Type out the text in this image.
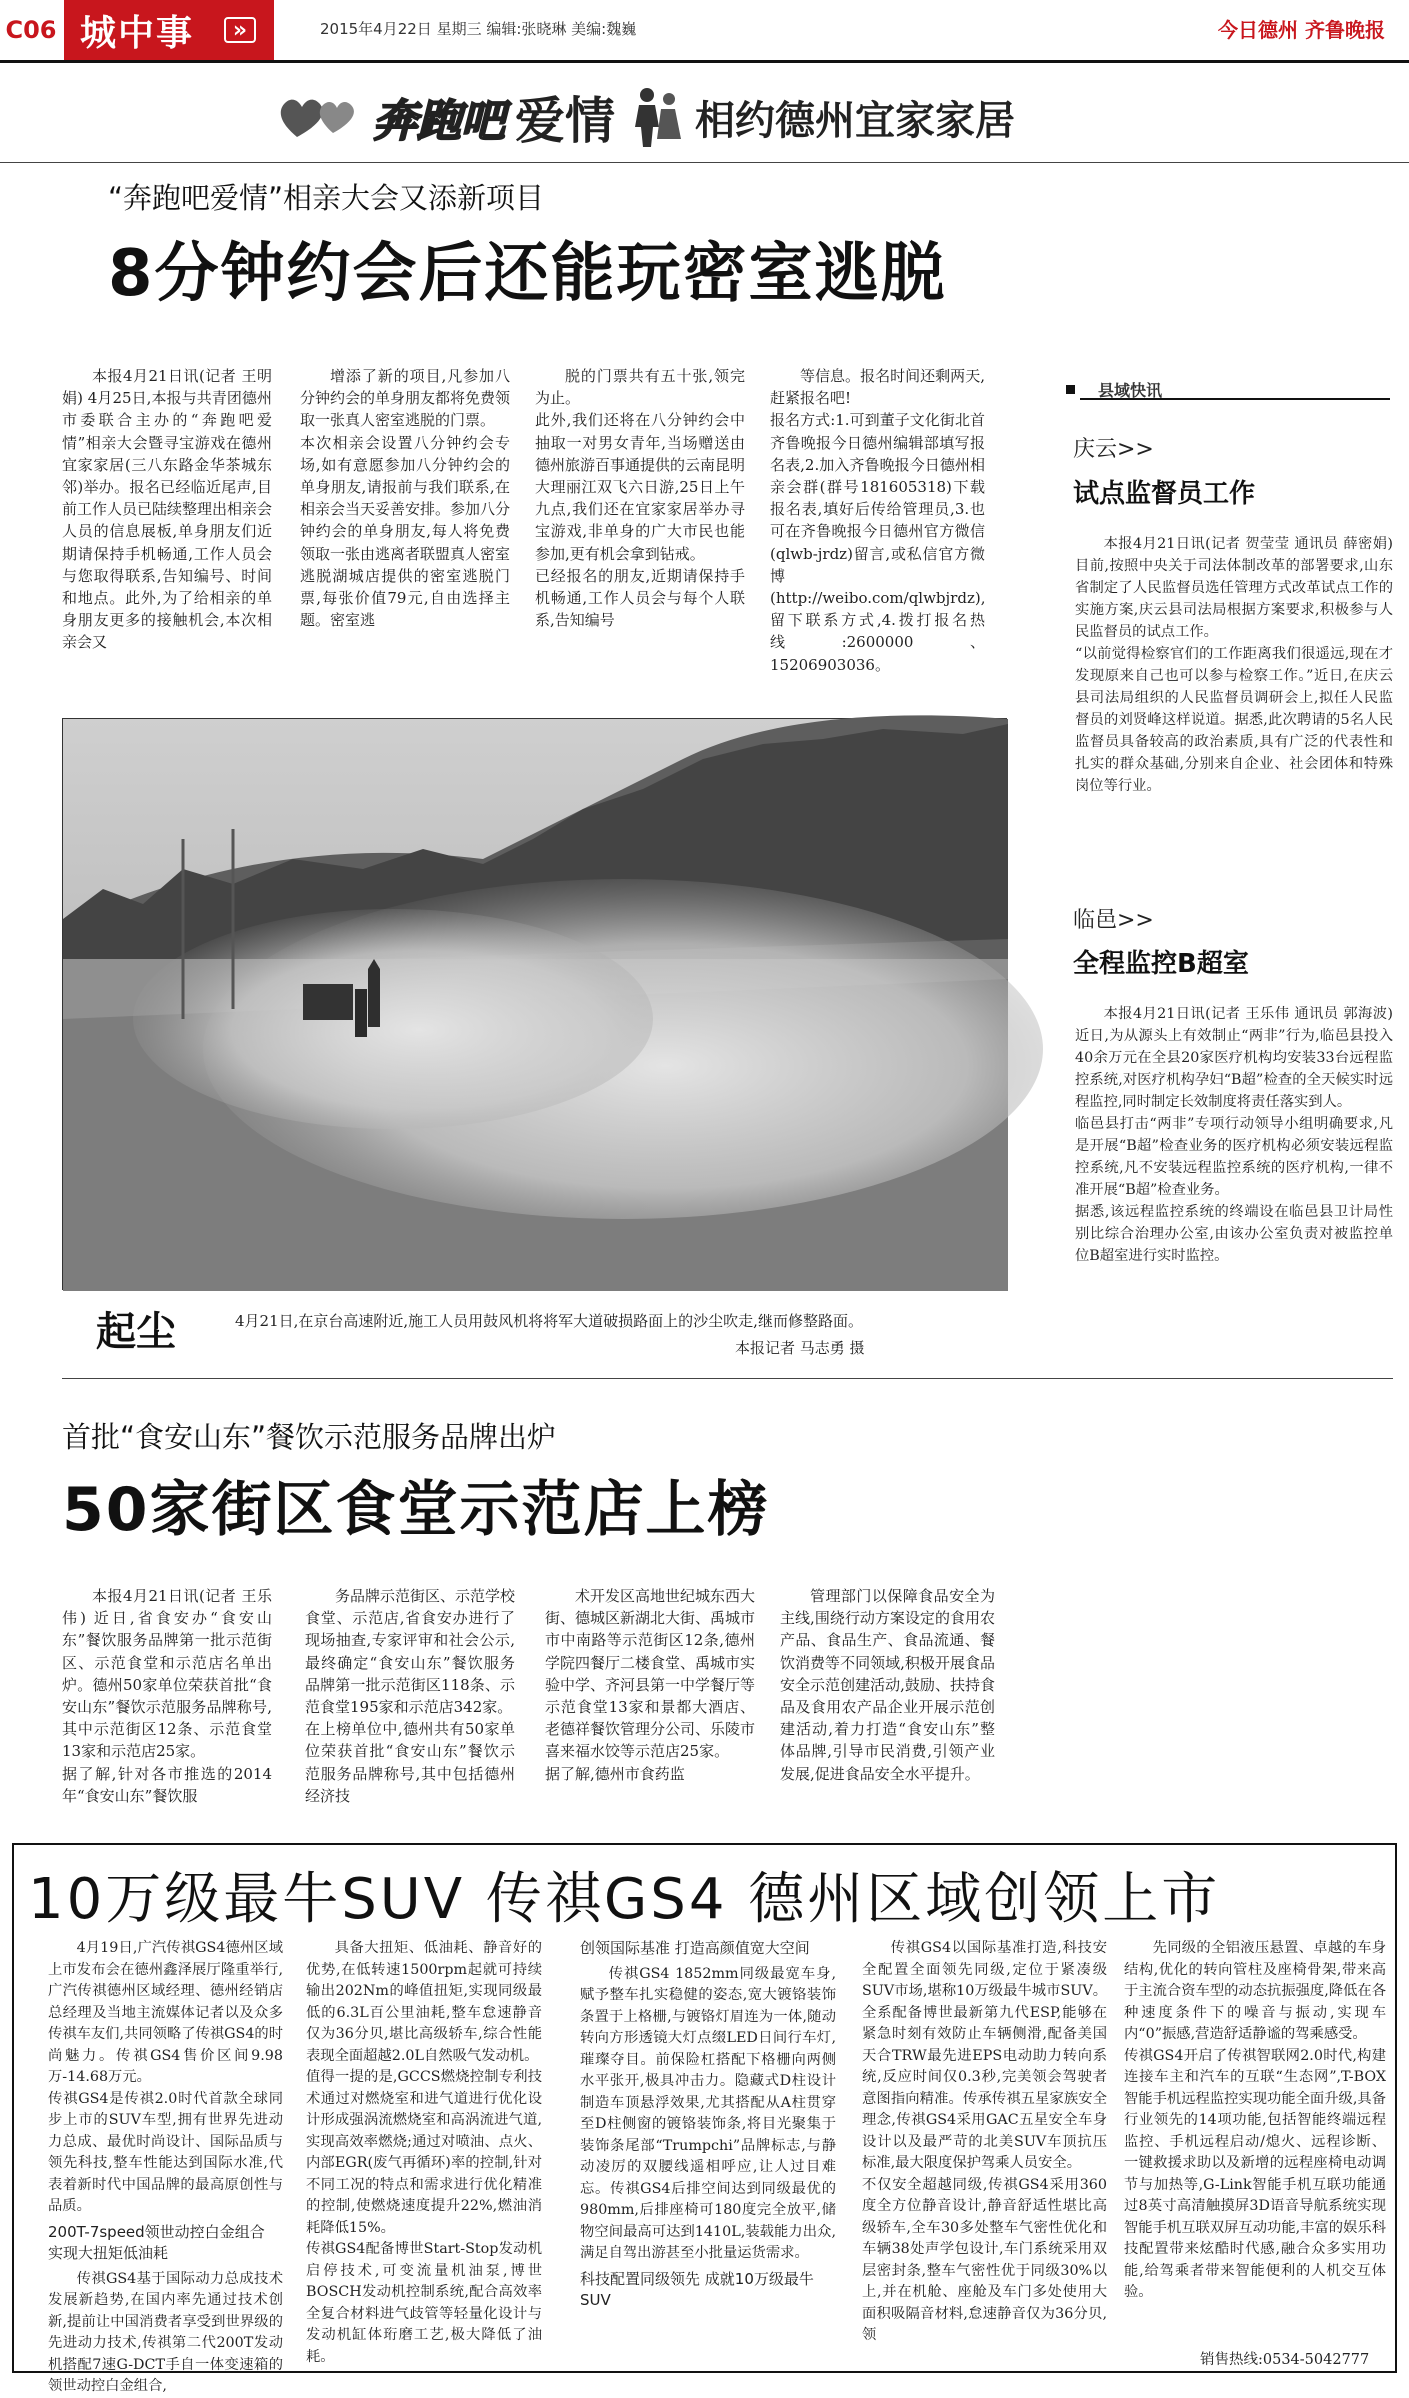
C06 城中事	»	2015年4月22日 星期三 编辑:张晓琳 美编:魏巍	今日德州 齐鲁晚报
奔跑吧 爱情 相约德州宜家家居
“奔跑吧爱情”相亲大会又添新项目
8分钟约会后还能玩密室逃脱

本报4月21日讯(记者 王明娟) 4月25日,本报与共青团德州市委联合主办的“奔跑吧爱情”相亲大会暨寻宝游戏在德州宜家家居(三八东路金华茶城东邻)举办。报名已经临近尾声,目前工作人员已陆续整理出相亲会人员的信息展板,单身朋友们近期请保持手机畅通,工作人员会与您取得联系,告知编号、时间和地点。此外,为了给相亲的单身朋友更多的接触机会,本次相亲会又

增添了新的项目,凡参加八分钟约会的单身朋友都将免费领取一张真人密室逃脱的门票。
本次相亲会设置八分钟约会专场,如有意愿参加八分钟约会的单身朋友,请报前与我们联系,在相亲会当天妥善安排。参加八分钟约会的单身朋友,每人将免费领取一张由逃离者联盟真人密室逃脱湖城店提供的密室逃脱门票,每张价值79元,自由选择主题。密室逃

脱的门票共有五十张,领完为止。
此外,我们还将在八分钟约会中抽取一对男女青年,当场赠送由德州旅游百事通提供的云南昆明大理丽江双飞六日游,25日上午九点,我们还在宜家家居举办寻宝游戏,非单身的广大市民也能参加,更有机会拿到钻戒。
已经报名的朋友,近期请保持手机畅通,工作人员会与每个人联系,告知编号

等信息。报名时间还剩两天,赶紧报名吧!
报名方式:1.可到董子文化街北首齐鲁晚报今日德州编辑部填写报名表,2.加入齐鲁晚报今日德州相亲会群(群号181605318)下载报名表,填好后传给管理员,3.也可在齐鲁晚报今日德州官方微信(qlwb-jrdz)留言,或私信官方微博(http://weibo.com/qlwbjrdz),留下联系方式,4.拨打报名热线:2600000、15206903036。

起尘	4月21日,在京台高速附近,施工人员用鼓风机将将军大道破损路面上的沙尘吹走,继而修整路面。
本报记者 马志勇 摄
县域快讯
庆云>>
试点监督员工作

本报4月21日讯(记者 贺莹莹 通讯员 薛密娟) 目前,按照中央关于司法体制改革的部署要求,山东省制定了人民监督员选任管理方式改革试点工作的实施方案,庆云县司法局根据方案要求,积极参与人民监督员的试点工作。
“以前觉得检察官们的工作距离我们很遥远,现在才发现原来自己也可以参与检察工作。”近日,在庆云县司法局组织的人民监督员调研会上,拟任人民监督员的刘贤峰这样说道。据悉,此次聘请的5名人民监督员具备较高的政治素质,具有广泛的代表性和扎实的群众基础,分别来自企业、社会团体和特殊岗位等行业。

临邑>>
全程监控B超室

本报4月21日讯(记者 王乐伟 通讯员 郭海波) 近日,为从源头上有效制止“两非”行为,临邑县投入40余万元在全县20家医疗机构均安装33台远程监控系统,对医疗机构孕妇“B超”检查的全天候实时远程监控,同时制定长效制度将责任落实到人。
临邑县打击“两非”专项行动领导小组明确要求,凡是开展“B超”检查业务的医疗机构必须安装远程监控系统,凡不安装远程监控系统的医疗机构,一律不准开展“B超”检查业务。
据悉,该远程监控系统的终端设在临邑县卫计局性别比综合治理办公室,由该办公室负责对被监控单位B超室进行实时监控。

首批“食安山东”餐饮示范服务品牌出炉
50家街区食堂示范店上榜

本报4月21日讯(记者 王乐伟) 近日,省食安办“食安山东”餐饮服务品牌第一批示范街区、示范食堂和示范店名单出炉。德州50家单位荣获首批“食安山东”餐饮示范服务品牌称号,其中示范街区12条、示范食堂13家和示范店25家。
据了解,针对各市推选的2014年“食安山东”餐饮服

务品牌示范街区、示范学校食堂、示范店,省食安办进行了现场抽查,专家评审和社会公示,最终确定“食安山东”餐饮服务品牌第一批示范街区118条、示范食堂195家和示范店342家。
在上榜单位中,德州共有50家单位荣获首批“食安山东”餐饮示范服务品牌称号,其中包括德州经济技

术开发区高地世纪城东西大街、德城区新湖北大街、禹城市市中南路等示范街区12条,德州学院四餐厅二楼食堂、禹城市实验中学、齐河县第一中学餐厅等示范食堂13家和景都大酒店、老德祥餐饮管理分公司、乐陵市喜来福水饺等示范店25家。
据了解,德州市食药监

管理部门以保障食品安全为主线,围绕行动方案设定的食用农产品、食品生产、食品流通、餐饮消费等不同领域,积极开展食品安全示范创建活动,鼓励、扶持食品及食用农产品企业开展示范创建活动,着力打造“食安山东”整体品牌,引导市民消费,引领产业发展,促进食品安全水平提升。

10万级最牛SUV 传祺GS4 德州区域创领上市

4月19日,广汽传祺GS4德州区域上市发布会在德州鑫泽展厅隆重举行,广汽传祺德州区域经理、德州经销店总经理及当地主流媒体记者以及众多传祺车友们,共同领略了传祺GS4的时尚魅力。传祺GS4售价区间9.98万-14.68万元。
传祺GS4是传祺2.0时代首款全球同步上市的SUV车型,拥有世界先进动力总成、最优时尚设计、国际品质与领先科技,整车性能达到国际水准,代表着新时代中国品牌的最高原创性与品质。

200T-7speed领世动控白金组合 实现大扭矩低油耗

传祺GS4基于国际动力总成技术发展新趋势,在国内率先通过技术创新,提前让中国消费者享受到世界级的先进动力技术,传祺第二代200T发动机搭配7速G-DCT手自一体变速箱的领世动控白金组合,

具备大扭矩、低油耗、静音好的优势,在低转速1500rpm起就可持续输出202Nm的峰值扭矩,实现同级最低的6.3L百公里油耗,整车怠速静音仅为36分贝,堪比高级轿车,综合性能表现全面超越2.0L自然吸气发动机。
值得一提的是,GCCS燃烧控制专利技术通过对燃烧室和进气道进行优化设计形成强涡流燃烧室和高涡流进气道,实现高效率燃烧;通过对喷油、点火、内部EGR(废气再循环)率的控制,针对不同工况的特点和需求进行优化精准的控制,使燃烧速度提升22%,燃油消耗降低15%。
传祺GS4配备博世Start-Stop发动机启停技术,可变流量机油泵,博世BOSCH发动机控制系统,配合高效率全复合材料进气歧管等轻量化设计与发动机缸体珩磨工艺,极大降低了油耗。

创领国际基准 打造高颜值宽大空间

传祺GS4 1852mm同级最宽车身,赋予整车扎实稳健的姿态,宽大镀铬装饰条置于上格栅,与镀铬灯眉连为一体,随动转向方形透镜大灯点缀LED日间行车灯,璀璨夺目。前保险杠搭配下格栅向两侧水平张开,极具冲击力。隐藏式D柱设计制造车顶悬浮效果,尤其搭配从A柱贯穿至D柱侧窗的镀铬装饰条,将目光聚集于装饰条尾部“Trumpchi”品牌标志,与静动凌厉的双腰线遥相呼应,让人过目难忘。传祺GS4后排空间达到同级最优的980mm,后排座椅可180度完全放平,储物空间最高可达到1410L,装载能力出众,满足自驾出游甚至小批量运货需求。

科技配置同级领先 成就10万级最牛SUV

传祺GS4以国际基准打造,科技安全配置全面领先同级,定位于紧凑级SUV市场,堪称10万级最牛城市SUV。全系配备博世最新第九代ESP,能够在紧急时刻有效防止车辆侧滑,配备美国天合TRW最先进EPS电动助力转向系统,反应时间仅0.3秒,完美领会驾驶者意图指向精准。传承传祺五星家族安全理念,传祺GS4采用GAC五星安全车身设计以及最严苛的北美SUV车顶抗压标准,最大限度保护驾乘人员安全。
不仅安全超越同级,传祺GS4采用360度全方位静音设计,静音舒适性堪比高级轿车,全车30多处整车气密性优化和车辆38处声学包设计,车门系统采用双层密封条,整车气密性优于同级30%以上,并在机舱、座舱及车门多处使用大面积吸隔音材料,怠速静音仅为36分贝,领

先同级的全铝液压悬置、卓越的车身结构,优化的转向管柱及座椅骨架,带来高于主流合资车型的动态抗振强度,降低在各种速度条件下的噪音与振动,实现车内“0”振感,营造舒适静谧的驾乘感受。
传祺GS4开启了传祺智联网2.0时代,构建连接车主和汽车的互联“生态网”,T-BOX智能手机远程监控实现功能全面升级,具备行业领先的14项功能,包括智能终端远程监控、手机远程启动/熄火、远程诊断、一键救援求助以及新增的远程座椅电动调节与加热等,G-Link智能手机互联功能通过8英寸高清触摸屏3D语音导航系统实现智能手机互联双屏互动功能,丰富的娱乐科技配置带来炫酷时代感,融合众多实用功能,给驾乘者带来智能便利的人机交互体验。

销售热线:0534-5042777
